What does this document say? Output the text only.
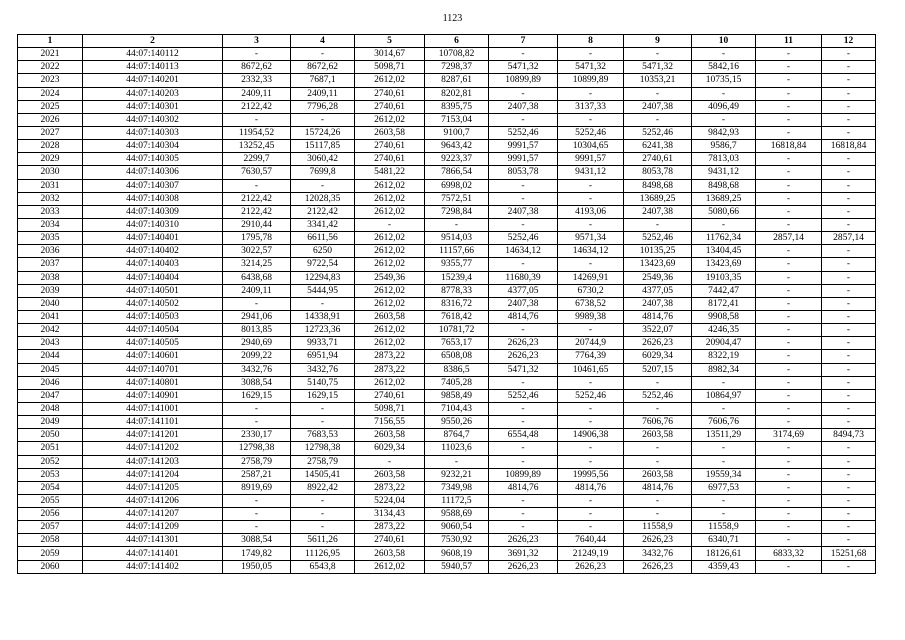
1123
1	2	3	4	5	6	7	8	9	10	11	12
2021	44:07:140112	-	-	3014,67	10708,82	-	-	-	-	-	-
2022	44:07:140113	8672,62	8672,62	5098,71	7298,37	5471,32	5471,32	5471,32	5842,16	-	-
2023	44:07:140201	2332,33	7687,1	2612,02	8287,61	10899,89	10899,89	10353,21	10735,15	-	-
2024	44:07:140203	2409,11	2409,11	2740,61	8202,81	-	-	-	-	-	-
2025	44:07:140301	2122,42	7796,28	2740,61	8395,75	2407,38	3137,33	2407,38	4096,49	-	-
2026	44:07:140302	-	-	2612,02	7153,04	-	-	-	-	-	-
2027	44:07:140303	11954,52	15724,26	2603,58	9100,7	5252,46	5252,46	5252,46	9842,93	-	-
2028	44:07:140304	13252,45	15117,85	2740,61	9643,42	9991,57	10304,65	6241,38	9586,7	16818,84	16818,84
2029	44:07:140305	2299,7	3060,42	2740,61	9223,37	9991,57	9991,57	2740,61	7813,03	-	-
2030	44:07:140306	7630,57	7699,8	5481,22	7866,54	8053,78	9431,12	8053,78	9431,12	-	-
2031	44:07:140307	-	-	2612,02	6998,02	-	-	8498,68	8498,68	-	-
2032	44:07:140308	2122,42	12028,35	2612,02	7572,51	-	-	13689,25	13689,25	-	-
2033	44:07:140309	2122,42	2122,42	2612,02	7298,84	2407,38	4193,06	2407,38	5080,66	-	-
2034	44:07:140310	2910,44	3341,42	-	-	-	-	-	-	-	-
2035	44:07:140401	1795,78	6611,56	2612,02	9514,03	5252,46	9571,34	5252,46	11762,34	2857,14	2857,14
2036	44:07:140402	3022,57	6250	2612,02	11157,66	14634,12	14634,12	10135,25	13404,45	-	-
2037	44:07:140403	3214,25	9722,54	2612,02	9355,77	-	-	13423,69	13423,69	-	-
2038	44:07:140404	6438,68	12294,83	2549,36	15239,4	11680,39	14269,91	2549,36	19103,35	-	-
2039	44:07:140501	2409,11	5444,95	2612,02	8778,33	4377,05	6730,2	4377,05	7442,47	-	-
2040	44:07:140502	-	-	2612,02	8316,72	2407,38	6738,52	2407,38	8172,41	-	-
2041	44:07:140503	2941,06	14338,91	2603,58	7618,42	4814,76	9989,38	4814,76	9908,58	-	-
2042	44:07:140504	8013,85	12723,36	2612,02	10781,72	-	-	3522,07	4246,35	-	-
2043	44:07:140505	2940,69	9933,71	2612,02	7653,17	2626,23	20744,9	2626,23	20904,47	-	-
2044	44:07:140601	2099,22	6951,94	2873,22	6508,08	2626,23	7764,39	6029,34	8322,19	-	-
2045	44:07:140701	3432,76	3432,76	2873,22	8386,5	5471,32	10461,65	5207,15	8982,34	-	-
2046	44:07:140801	3088,54	5140,75	2612,02	7405,28	-	-	-	-	-	-
2047	44:07:140901	1629,15	1629,15	2740,61	9858,49	5252,46	5252,46	5252,46	10864,97	-	-
2048	44:07:141001	-	-	5098,71	7104,43	-	-	-	-	-	-
2049	44:07:141101	-	-	7156,55	9550,26	-	-	7606,76	7606,76	-	-
2050	44:07:141201	2330,17	7683,53	2603,58	8764,7	6554,48	14906,38	2603,58	13511,29	3174,69	8494,73
2051	44:07:141202	12798,38	12798,38	6029,34	11023,6	-	-	-	-	-	-
2052	44:07:141203	2758,79	2758,79	-	-	-	-	-	-	-	-
2053	44:07:141204	2587,21	14505,41	2603,58	9232,21	10899,89	19995,56	2603,58	19559,34	-	-
2054	44:07:141205	8919,69	8922,42	2873,22	7349,98	4814,76	4814,76	4814,76	6977,53	-	-
2055	44:07:141206	-	-	5224,04	11172,5	-	-	-	-	-	-
2056	44:07:141207	-	-	3134,43	9588,69	-	-	-	-	-	-
2057	44:07:141209	-	-	2873,22	9060,54	-	-	11558,9	11558,9	-	-
2058	44:07:141301	3088,54	5611,26	2740,61	7530,92	2626,23	7640,44	2626,23	6340,71	-	-
2059	44:07:141401	1749,82	11126,95	2603,58	9608,19	3691,32	21249,19	3432,76	18126,61	6833,32	15251,68
2060	44:07:141402	1950,05	6543,8	2612,02	5940,57	2626,23	2626,23	2626,23	4359,43	-	-
